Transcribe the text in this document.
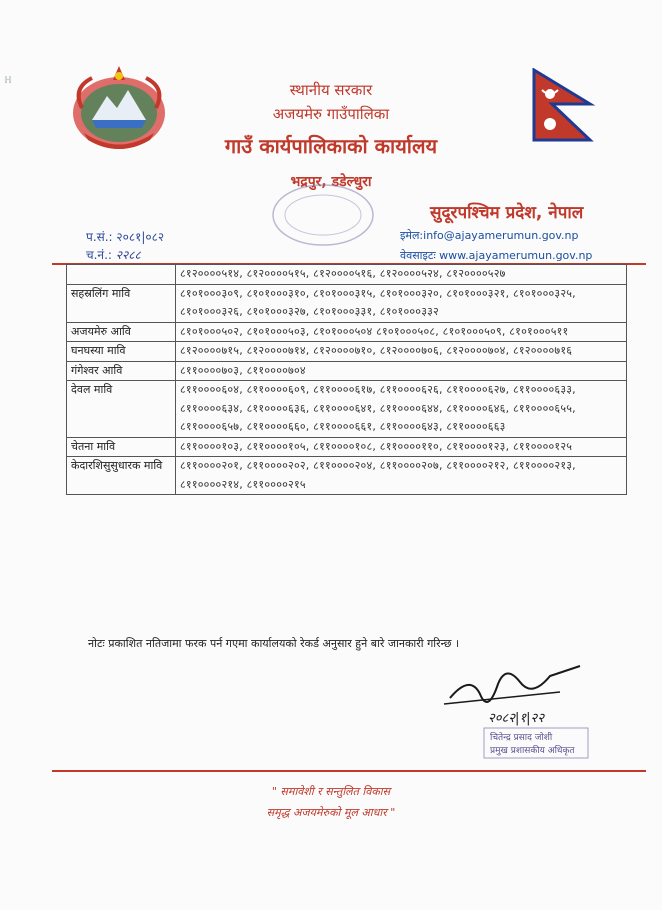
ℍ	स्थानीय सरकार
अजयमेरु गाउँपालिका
गाउँ कार्यपालिकाको कार्यालय
भद्रपुर, डडेल्धुरा
सुदूरपश्चिम प्रदेश, नेपाल
इमेल:info@ajayamerumun.gov.np
वेवसाइटः www.ajayamerumun.gov.np
प.सं.: २०८१|०८२
च.नं.: २२८८
	८१२००००५१४, ८१२००००५१५, ८१२००००५१६, ८१२००००५२४, ८१२००००५२७
सहस्रलिंग मावि	८१०१०००३०९, ८१०१०००३१०, ८१०१०००३१५, ८१०१०००३२०, ८१०१०००३२१, ८१०१०००३२५, ८१०१०००३२६, ८१०१०००३२७, ८१०१०००३३१, ८१०१०००३३२
अजयमेरु आवि	८१०१०००५०२, ८१०१०००५०३, ८१०१०००५०४ ८१०१०००५०८, ८१०१०००५०९, ८१०१०००५११
घनघस्या मावि	८१२००००७१५, ८१२००००७१४, ८१२००००७१०, ८१२००००७०६, ८१२००००७०४, ८१२००००७१६
गंगेश्वर आवि	८११००००७०३, ८११००००७०४
देवल मावि	८११००००६०४, ८११००००६०९, ८११००००६१७, ८११००००६२६, ८११००००६२७, ८११००००६३३, ८११००००६३४, ८११००००६३६, ८११००००६४१, ८११००००६४४, ८११००००६४६, ८११००००६५५, ८११००००६५७, ८११००००६६०, ८११००००६६१, ८११००००६४३, ८११००००६६३
चेतना मावि	८११००००१०३, ८११००००१०५, ८११००००१०८, ८११००००११०, ८११००००१२३, ८११००००१२५
केदारशिसुसुधारक मावि	८११००००२०१, ८११००००२०२, ८११००००२०४, ८११००००२०७, ८११००००२१२, ८११००००२१३, ८११००००२१४, ८११००००२१५
नोटः प्रकाशित नतिजामा फरक पर्न गएमा कार्यालयको रेकर्ड अनुसार हुने बारे जानकारी गरिन्छ ।
२०८२|१|२२
चितेन्द्र प्रसाद जोशी
प्रमुख प्रशासकीय अधिकृत
" समावेशी र सन्तुलित विकास
समृद्ध अजयमेरुको मूल आधार "
